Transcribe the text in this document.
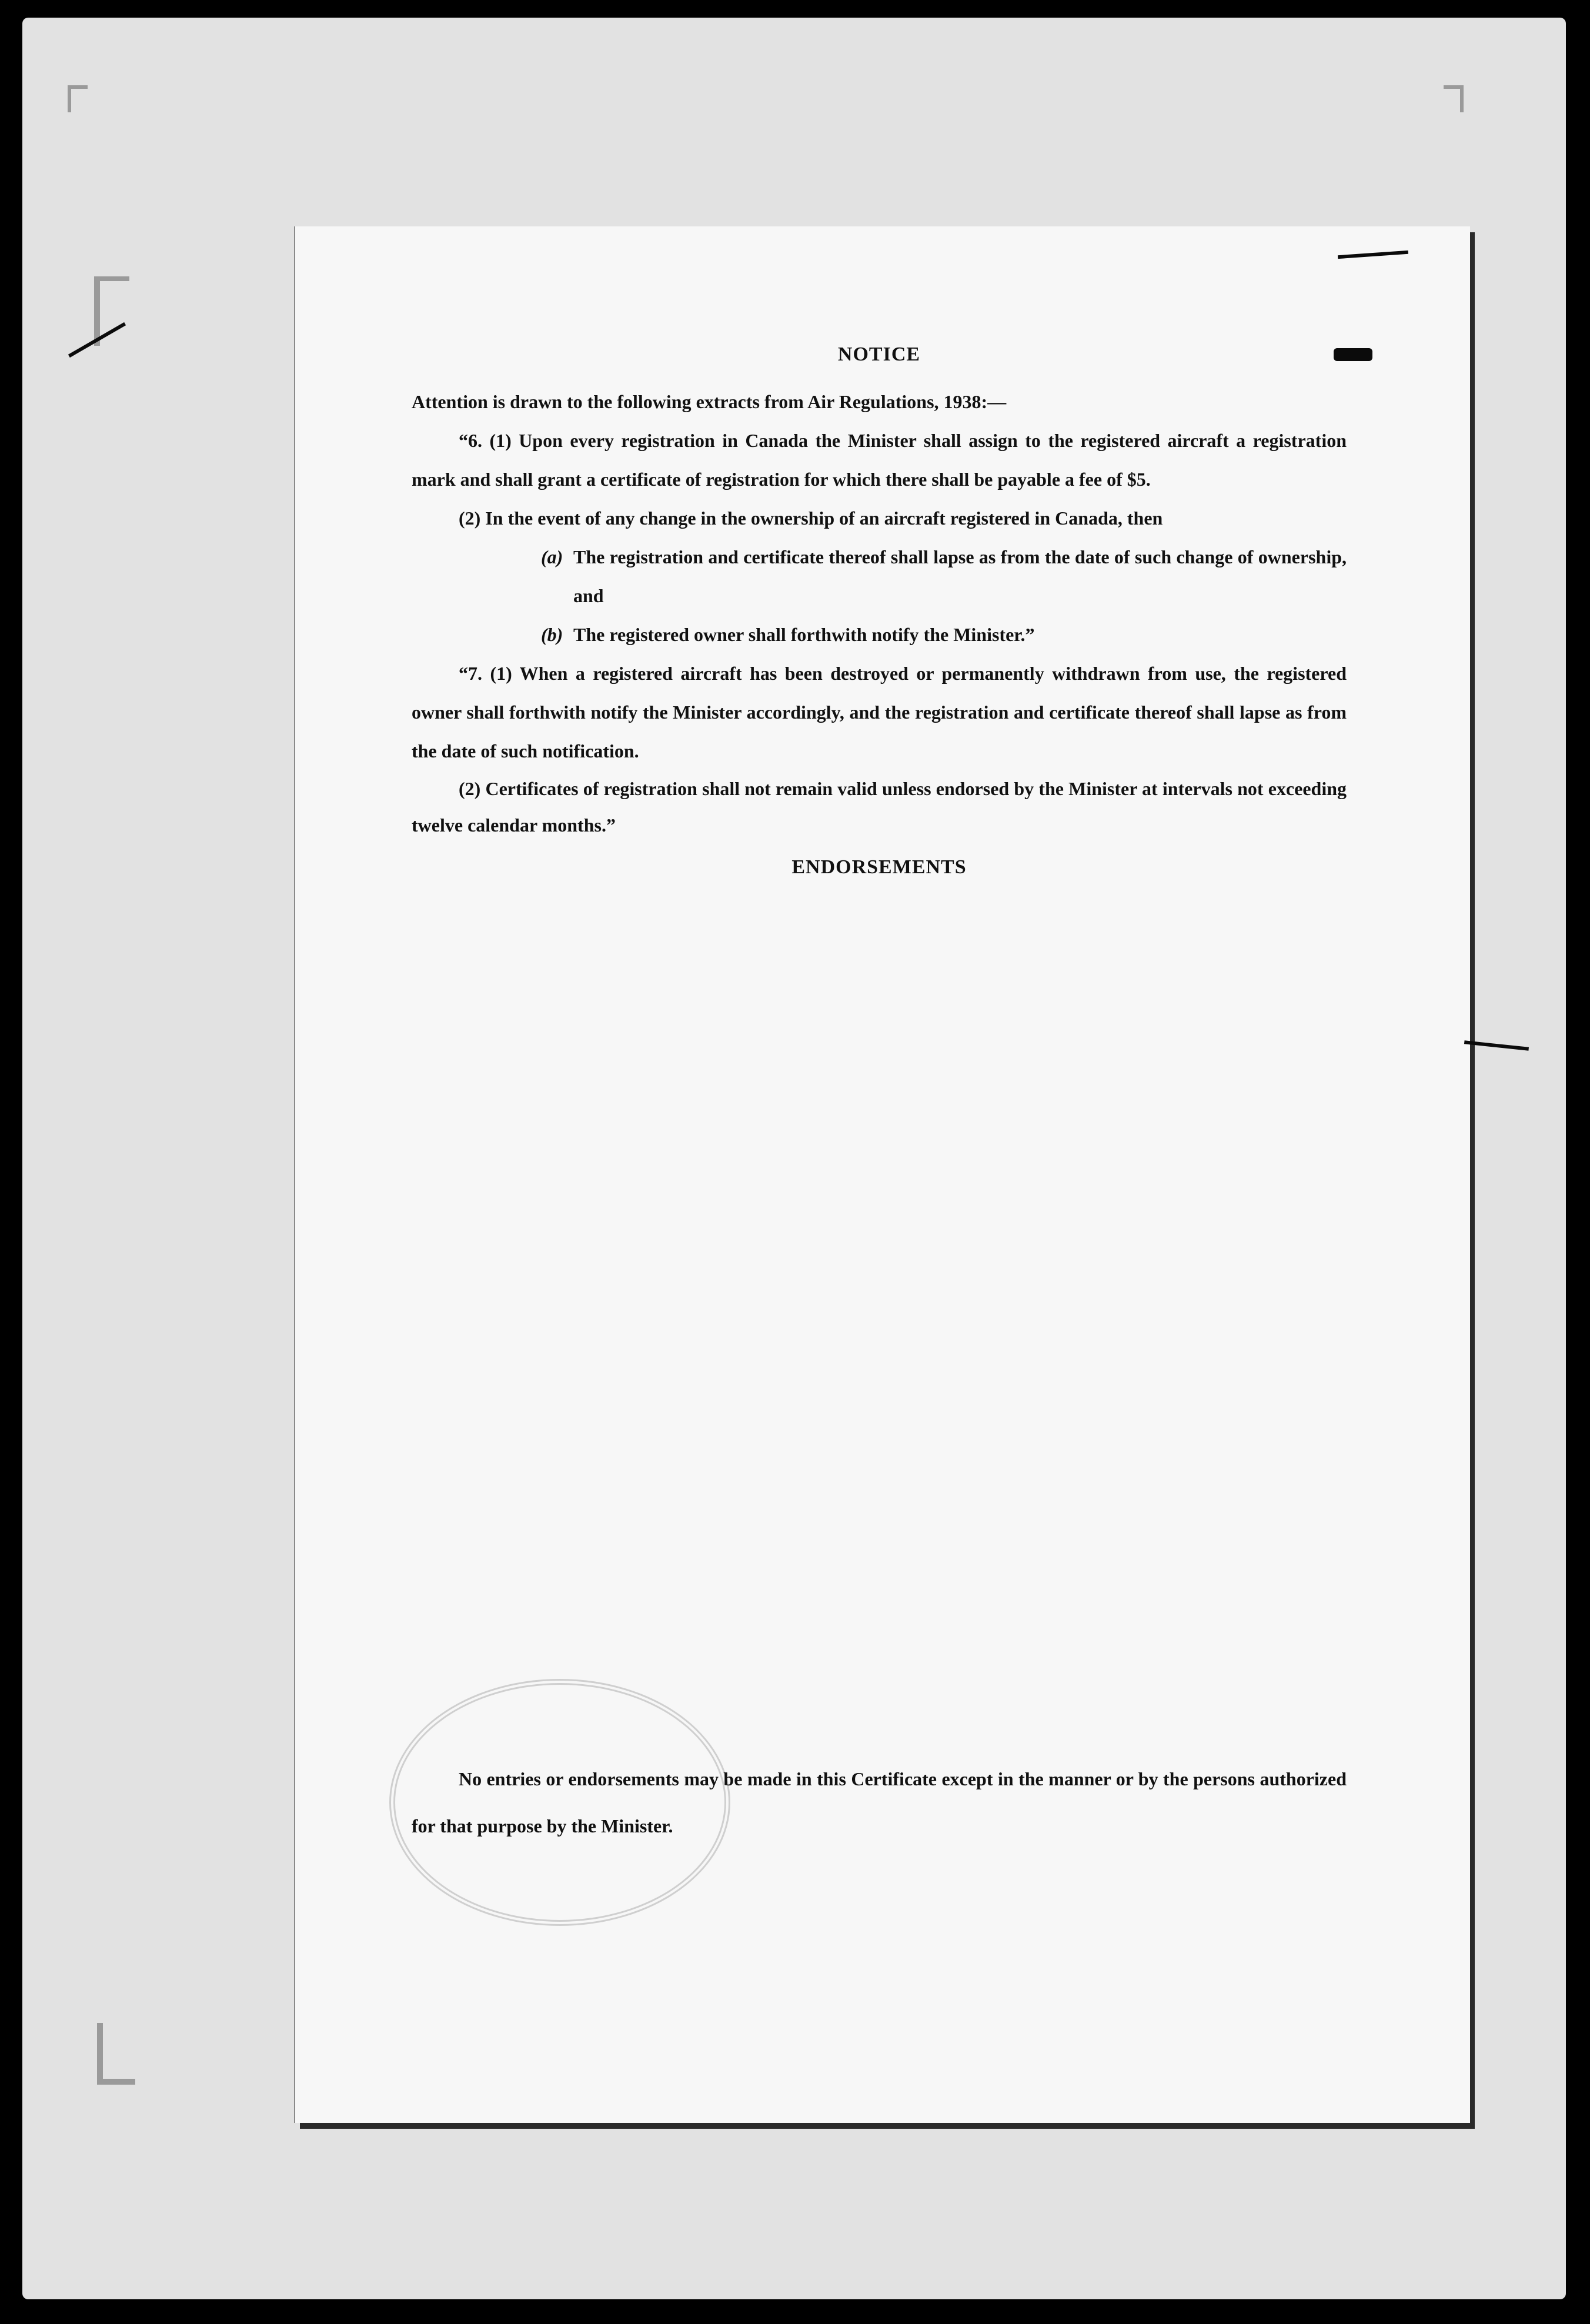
NOTICE

Attention is drawn to the following extracts from Air Regulations, 1938:—

“6. (1) Upon every registration in Canada the Minister shall assign to the registered aircraft a registration mark and shall grant a certificate of registration for which there shall be payable a fee of $5.

(2) In the event of any change in the ownership of an aircraft registered in Canada, then

(a) The registration and certificate thereof shall lapse as from the date of such change of ownership, and
(b) The registered owner shall forthwith notify the Minister.”

“7. (1) When a registered aircraft has been destroyed or permanently withdrawn from use, the registered owner shall forthwith notify the Minister accordingly, and the registration and certificate thereof shall lapse as from the date of such notification.

(2) Certificates of registration shall not remain valid unless endorsed by the Minister at intervals not exceeding twelve calendar months.”

ENDORSEMENTS

No entries or endorsements may be made in this Certificate except in the manner or by the persons authorized for that purpose by the Minister.
